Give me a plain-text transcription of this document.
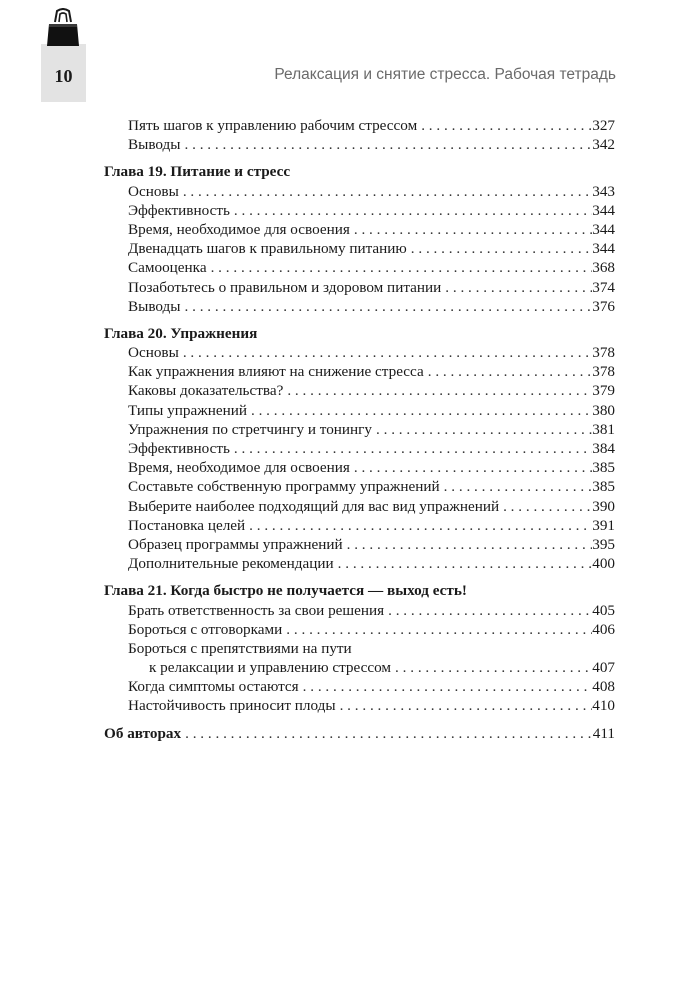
10	Релаксация и снятие стресса. Рабочая тетрадь
Пять шагов к управлению рабочим стрессом . . .	327
Выводы . . .	342
Глава 19. Питание и стресс
Основы . . .	343
Эффективность . . .	344
Время, необходимое для освоения . . .	344
Двенадцать шагов к правильному питанию . . .	344
Самооценка . . .	368
Позаботьтесь о правильном и здоровом питании . . .	374
Выводы . . .	376
Глава 20. Упражнения
Основы . . .	378
Как упражнения влияют на снижение стресса . . .	378
Каковы доказательства? . . .	379
Типы упражнений . . .	380
Упражнения по стретчингу и тонингу . . .	381
Эффективность . . .	384
Время, необходимое для освоения . . .	385
Составьте собственную программу упражнений . . .	385
Выберите наиболее подходящий для вас вид упражнений . . .	390
Постановка целей . . .	391
Образец программы упражнений . . .	395
Дополнительные рекомендации . . .	400
Глава 21. Когда быстро не получается — выход есть!
Брать ответственность за свои решения . . .	405
Бороться с отговорками . . .	406
Бороться с препятствиями на пути
к релаксации и управлению стрессом . . .	407
Когда симптомы остаются . . .	408
Настойчивость приносит плоды . . .	410
Об авторах . . .	411
